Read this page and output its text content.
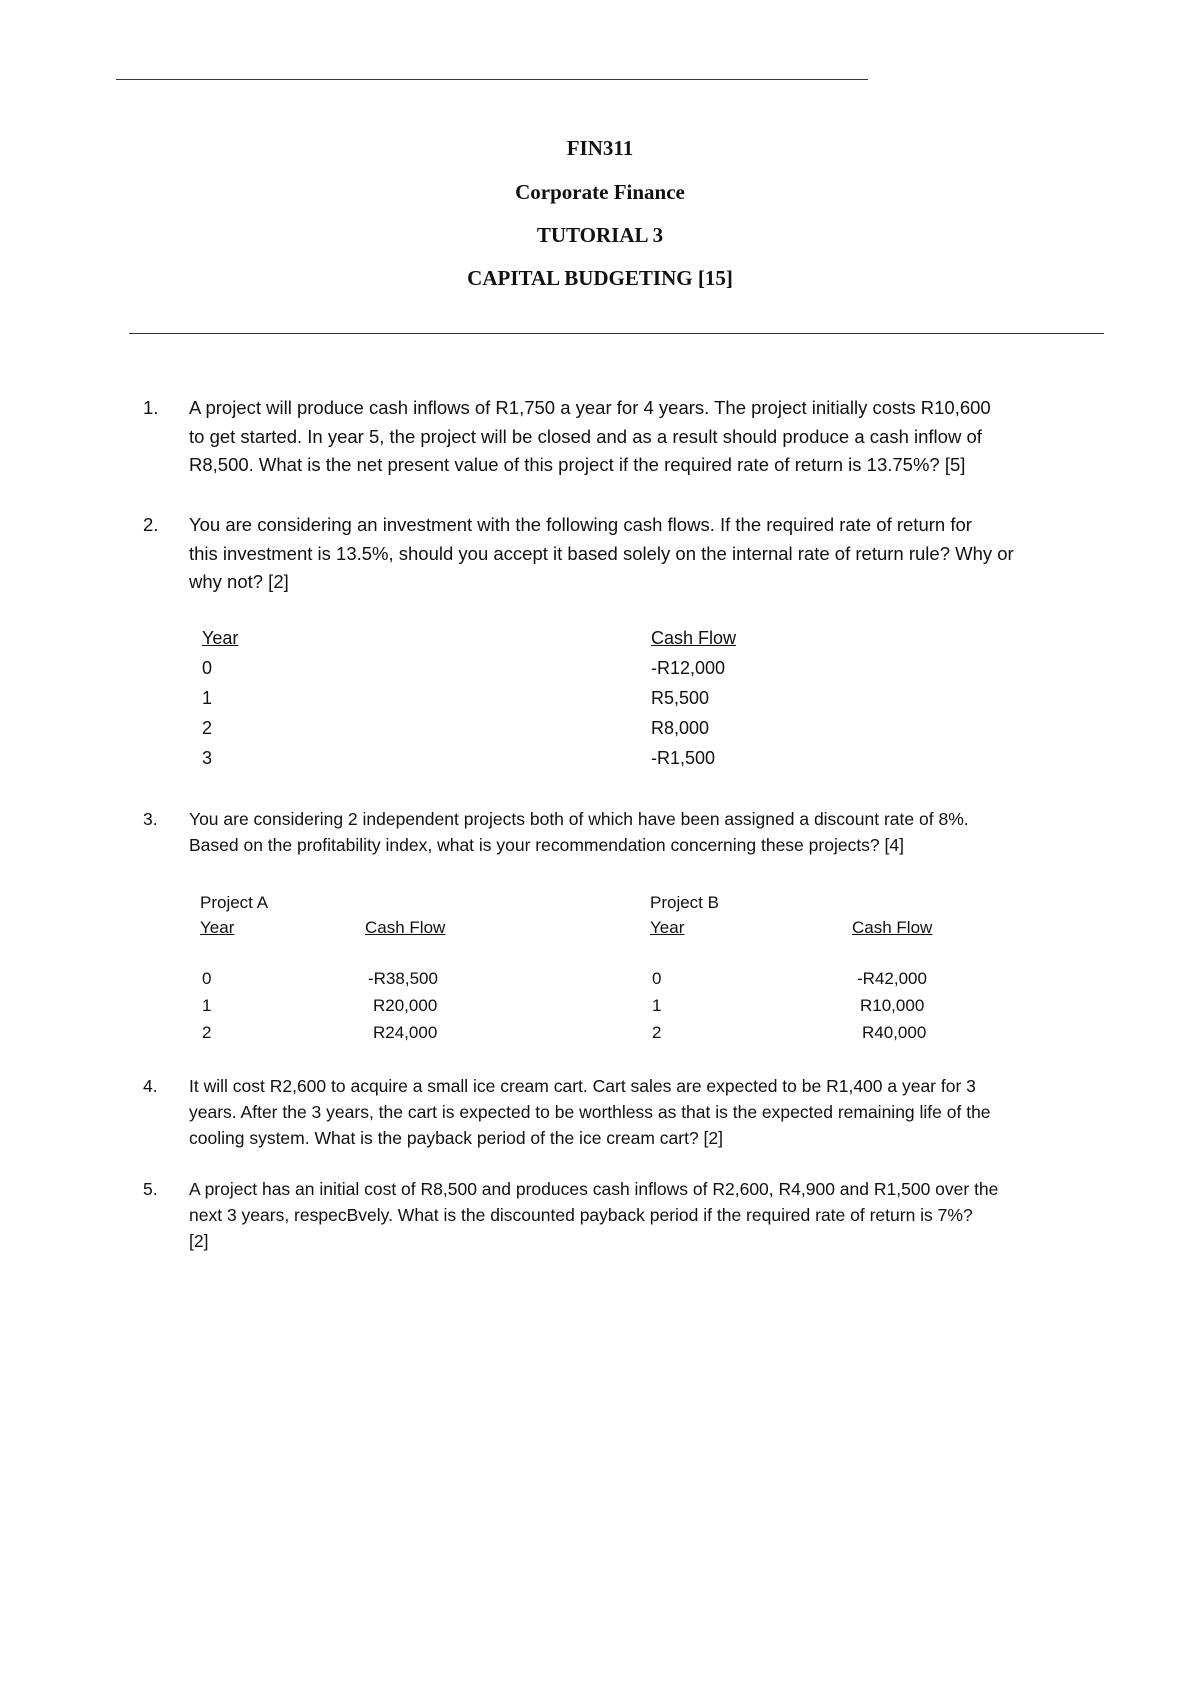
FIN311
Corporate Finance
TUTORIAL 3
CAPITAL BUDGETING [15]
1. A project will produce cash inflows of R1,750 a year for 4 years. The project initially costs R10,600
to get started. In year 5, the project will be closed and as a result should produce a cash inflow of
R8,500. What is the net present value of this project if the required rate of return is 13.75%? [5]
2. You are considering an investment with the following cash flows. If the required rate of return for
this investment is 13.5%, should you accept it based solely on the internal rate of return rule? Why or
why not? [2]
Year	Cash Flow
0	-R12,000
1	R5,500
2	R8,000
3	-R1,500
3. You are considering 2 independent projects both of which have been assigned a discount rate of 8%.
Based on the profitability index, what is your recommendation concerning these projects? [4]
Project A
Year	Cash Flow
0	-R38,500
1	R20,000
2	R24,000
Project B
Year	Cash Flow
0	-R42,000
1	R10,000
2	R40,000
4. It will cost R2,600 to acquire a small ice cream cart. Cart sales are expected to be R1,400 a year for 3
years. After the 3 years, the cart is expected to be worthless as that is the expected remaining life of the
cooling system. What is the payback period of the ice cream cart? [2]
5. A project has an initial cost of R8,500 and produces cash inflows of R2,600, R4,900 and R1,500 over the
next 3 years, respecBvely. What is the discounted payback period if the required rate of return is 7%?
[2]
